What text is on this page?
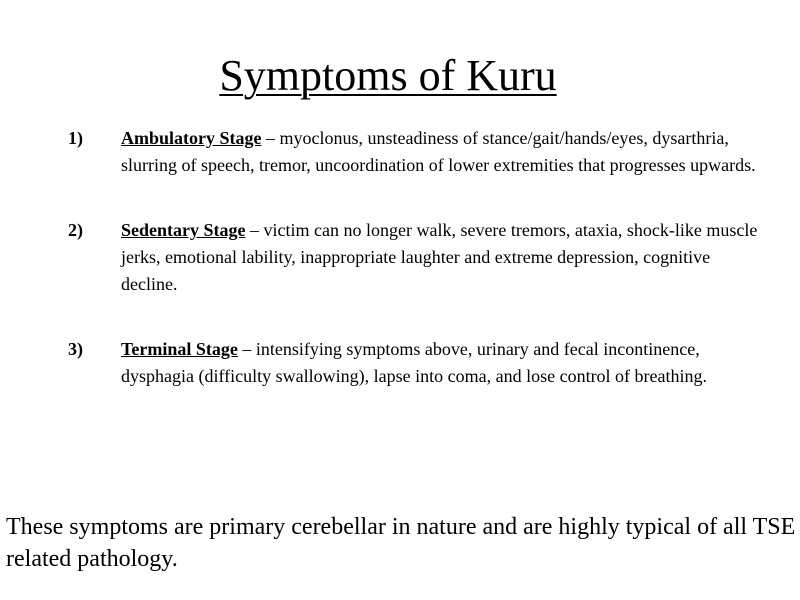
Symptoms of Kuru
1) Ambulatory Stage – myoclonus, unsteadiness of stance/gait/hands/eyes, dysarthria, slurring of speech, tremor, uncoordination of lower extremities that progresses upwards.
2) Sedentary Stage – victim can no longer walk, severe tremors, ataxia, shock-like muscle jerks, emotional lability, inappropriate laughter and extreme depression, cognitive decline.
3) Terminal Stage – intensifying symptoms above, urinary and fecal incontinence, dysphagia (difficulty swallowing), lapse into coma, and lose control of breathing.
These symptoms are primary cerebellar in nature and are highly typical of all TSE related pathology.
